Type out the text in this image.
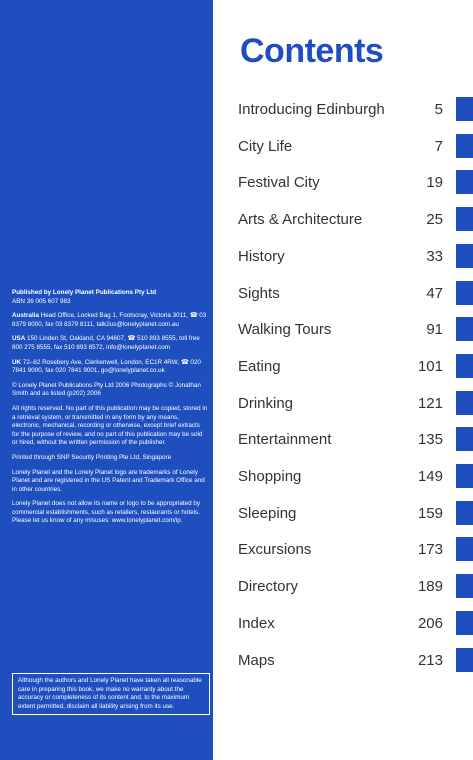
Published by Lonely Planet Publications Pty Ltd
ABN 36 005 607 983

Australia Head Office, Locked Bag 1, Footscray, Victoria 3011, ☎ 03 8379 8000, fax 03 8379 8111, talk2us@lonelyplanet.com.au

USA 150 Linden St, Oakland, CA 94607, ☎ 510 893 8555, toll free 800 275 8555, fax 510 893 8572, info@lonelyplanet.com

UK 72–82 Rosebery Ave, Clerkenwell, London, EC1R 4RW, ☎ 020 7841 9000, fax 020 7841 9001, go@lonelyplanet.co.uk

© Lonely Planet Publications Pty Ltd 2006 Photographs © Jonathan Smith and as listed (p202) 2006

All rights reserved. No part of this publication may be copied, stored in a retrieval system, or transmitted in any form by any means, electronic, mechanical, recording or otherwise, except brief extracts for the purpose of review, and no part of this publication may be sold or hired, without the written permission of the publisher.

Printed through SNP Security Printing Pte Ltd, Singapore

Lonely Planet and the Lonely Planet logo are trademarks of Lonely Planet and are registered in the US Patent and Trademark Office and in other countries.

Lonely Planet does not allow its name or logo to be appropriated by commercial establishments, such as retailers, restaurants or hotels. Please let us know of any misuses: www.lonelyplanet.com/ip.

Although the authors and Lonely Planet have taken all reasonable care in preparing this book, we make no warranty about the accuracy or completeness of its content and, to the maximum extent permitted, disclaim all liability arising from its use.
Contents
Introducing Edinburgh	5
City Life	7
Festival City	19
Arts & Architecture	25
History	33
Sights	47
Walking Tours	91
Eating	101
Drinking	121
Entertainment	135
Shopping	149
Sleeping	159
Excursions	173
Directory	189
Index	206
Maps	213
